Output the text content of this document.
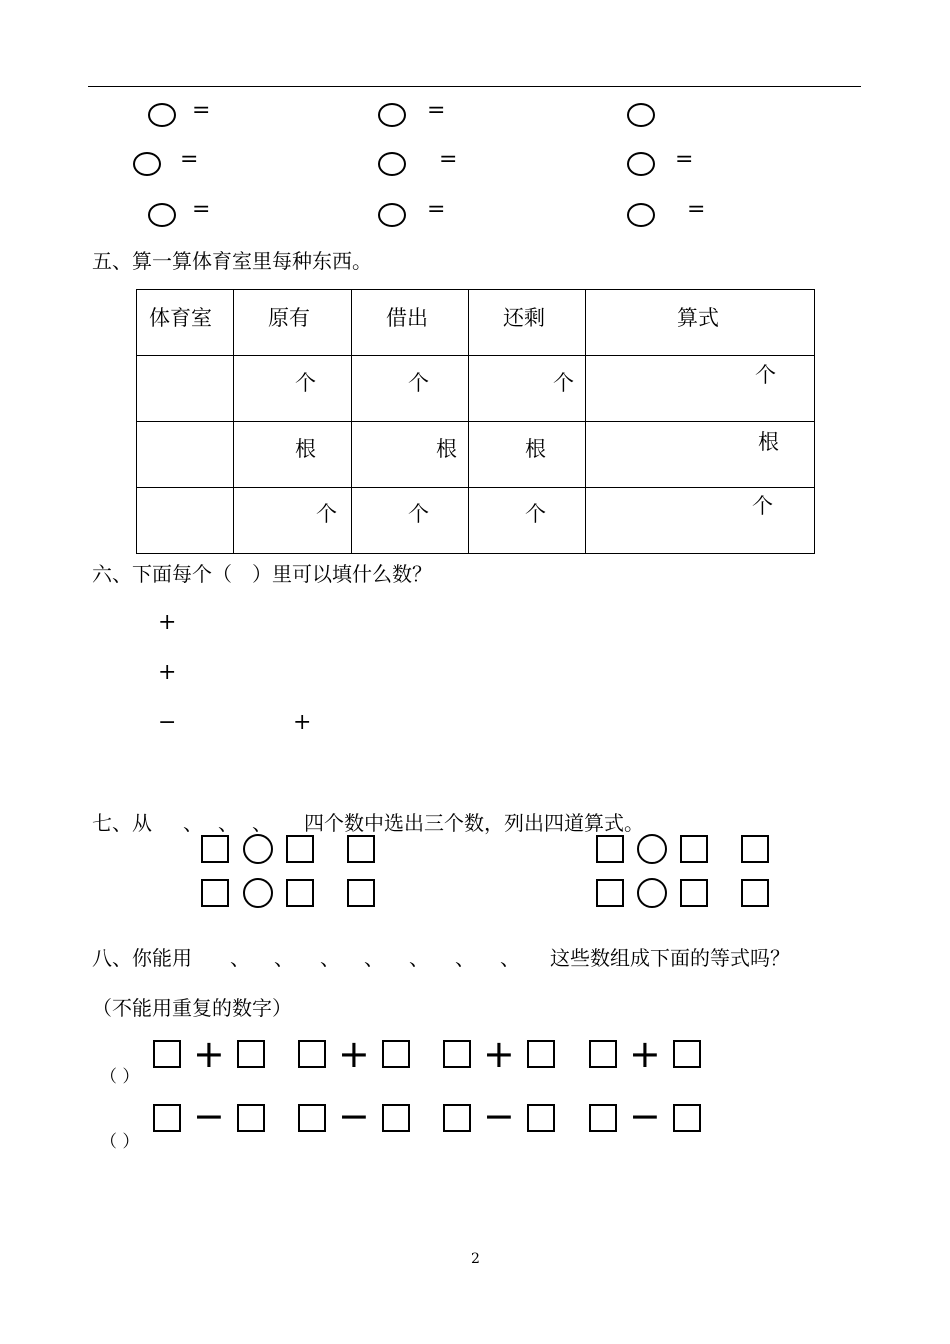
=	=
=	=	=
=	=	=
五、算一算体育室里每种东西。
体育室	原有	借出	还剩	算式

	个	个	个	个

	根	根	根	根

	个	个	个	个
六、下面每个（　）里可以填什么数？
+
+
−	+
七、从 、 、 、 四个数中选出三个数，列出四道算式。
八、你能用 、 、 、 、 、 、 、 这些数组成下面的等式吗？
（不能用重复的数字）
（ ）
（ ）
+	+	+	+
−	−	−	−
2
